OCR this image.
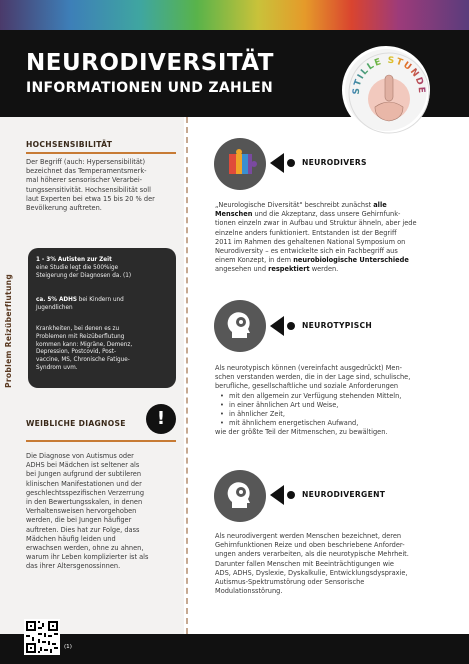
NEURODIVERSITÄT
INFORMATIONEN UND ZAHLEN	STILLE STUNDE
HOCHSENSIBILITÄT
Der Begriff (auch: Hypersensibilität)
bezeichnet das Temperamentsmerk-
mal höherer sensorischer Verarbei-
tungssensitivität. Hochsensibilität soll
laut Experten bei etwa 15 bis 20 % der
Bevölkerung auftreten.
1 - 3% Autisten zur Zeit
eine Studie legt die 500%ige
Steigerung der Diagnosen da. (1)
ca. 5% ADHS bei Kindern und
Jugendlichen
Krankheiten, bei denen es zu
Problemen mit Reizüberflutung
kommen kann: Migräne, Demenz,
Depression, Postcovid, Post-
vaccine, MS, Chronische Fatigue-
Syndrom uvm.
Problem Reizüberflutung
WEIBLICHE DIAGNOSE	!
Die Diagnose von Autismus oder
ADHS bei Mädchen ist seltener als
bei Jungen aufgrund der subtileren
klinischen Manifestationen und der
geschlechtsspezifischen Verzerrung
in den Bewertungsskalen, in denen
Verhaltensweisen hervorgehoben
werden, die bei Jungen häufiger
auftreten. Dies hat zur Folge, dass
Mädchen häufig leiden und
erwachsen werden, ohne zu ahnen,
warum ihr Leben komplizierter ist als
das ihrer Altersgenossinnen.
NEURODIVERS
„Neurologische Diversität" beschreibt zunächst alle
Menschen und die Akzeptanz, dass unsere Gehirnfunk-
tionen einzeln zwar in Aufbau und Struktur ähneln, aber jede
einzelne anders funktioniert. Entstanden ist der Begriff
2011 im Rahmen des gehaltenen National Symposium on
Neurodiversity – es entwickelte sich ein Fachbegriff aus
einem Konzept, in dem neurobiologische Unterschiede
angesehen und respektiert werden.
NEUROTYPISCH
Als neurotypisch können (vereinfacht ausgedrückt) Men-
schen verstanden werden, die in der Lage sind, schulische,
berufliche, gesellschaftliche und soziale Anforderungen
• mit den allgemein zur Verfügung stehenden Mitteln,
• in einer ähnlichen Art und Weise,
• in ähnlicher Zeit,
• mit ähnlichem energetischen Aufwand,
wie der größte Teil der Mitmenschen, zu bewältigen.
NEURODIVERGENT
Als neurodivergent werden Menschen bezeichnet, deren
Gehirnfunktionen Reize und oben beschriebene Anforder-
ungen anders verarbeiten, als die neurotypische Mehrheit.
Darunter fallen Menschen mit Beeinträchtigungen wie
ADS, ADHS, Dyslexie, Dyskalkulie, Entwicklungsdyspraxie,
Autismus-Spektrumstörung oder Sensorische
Modulationsstörung.
(1)
